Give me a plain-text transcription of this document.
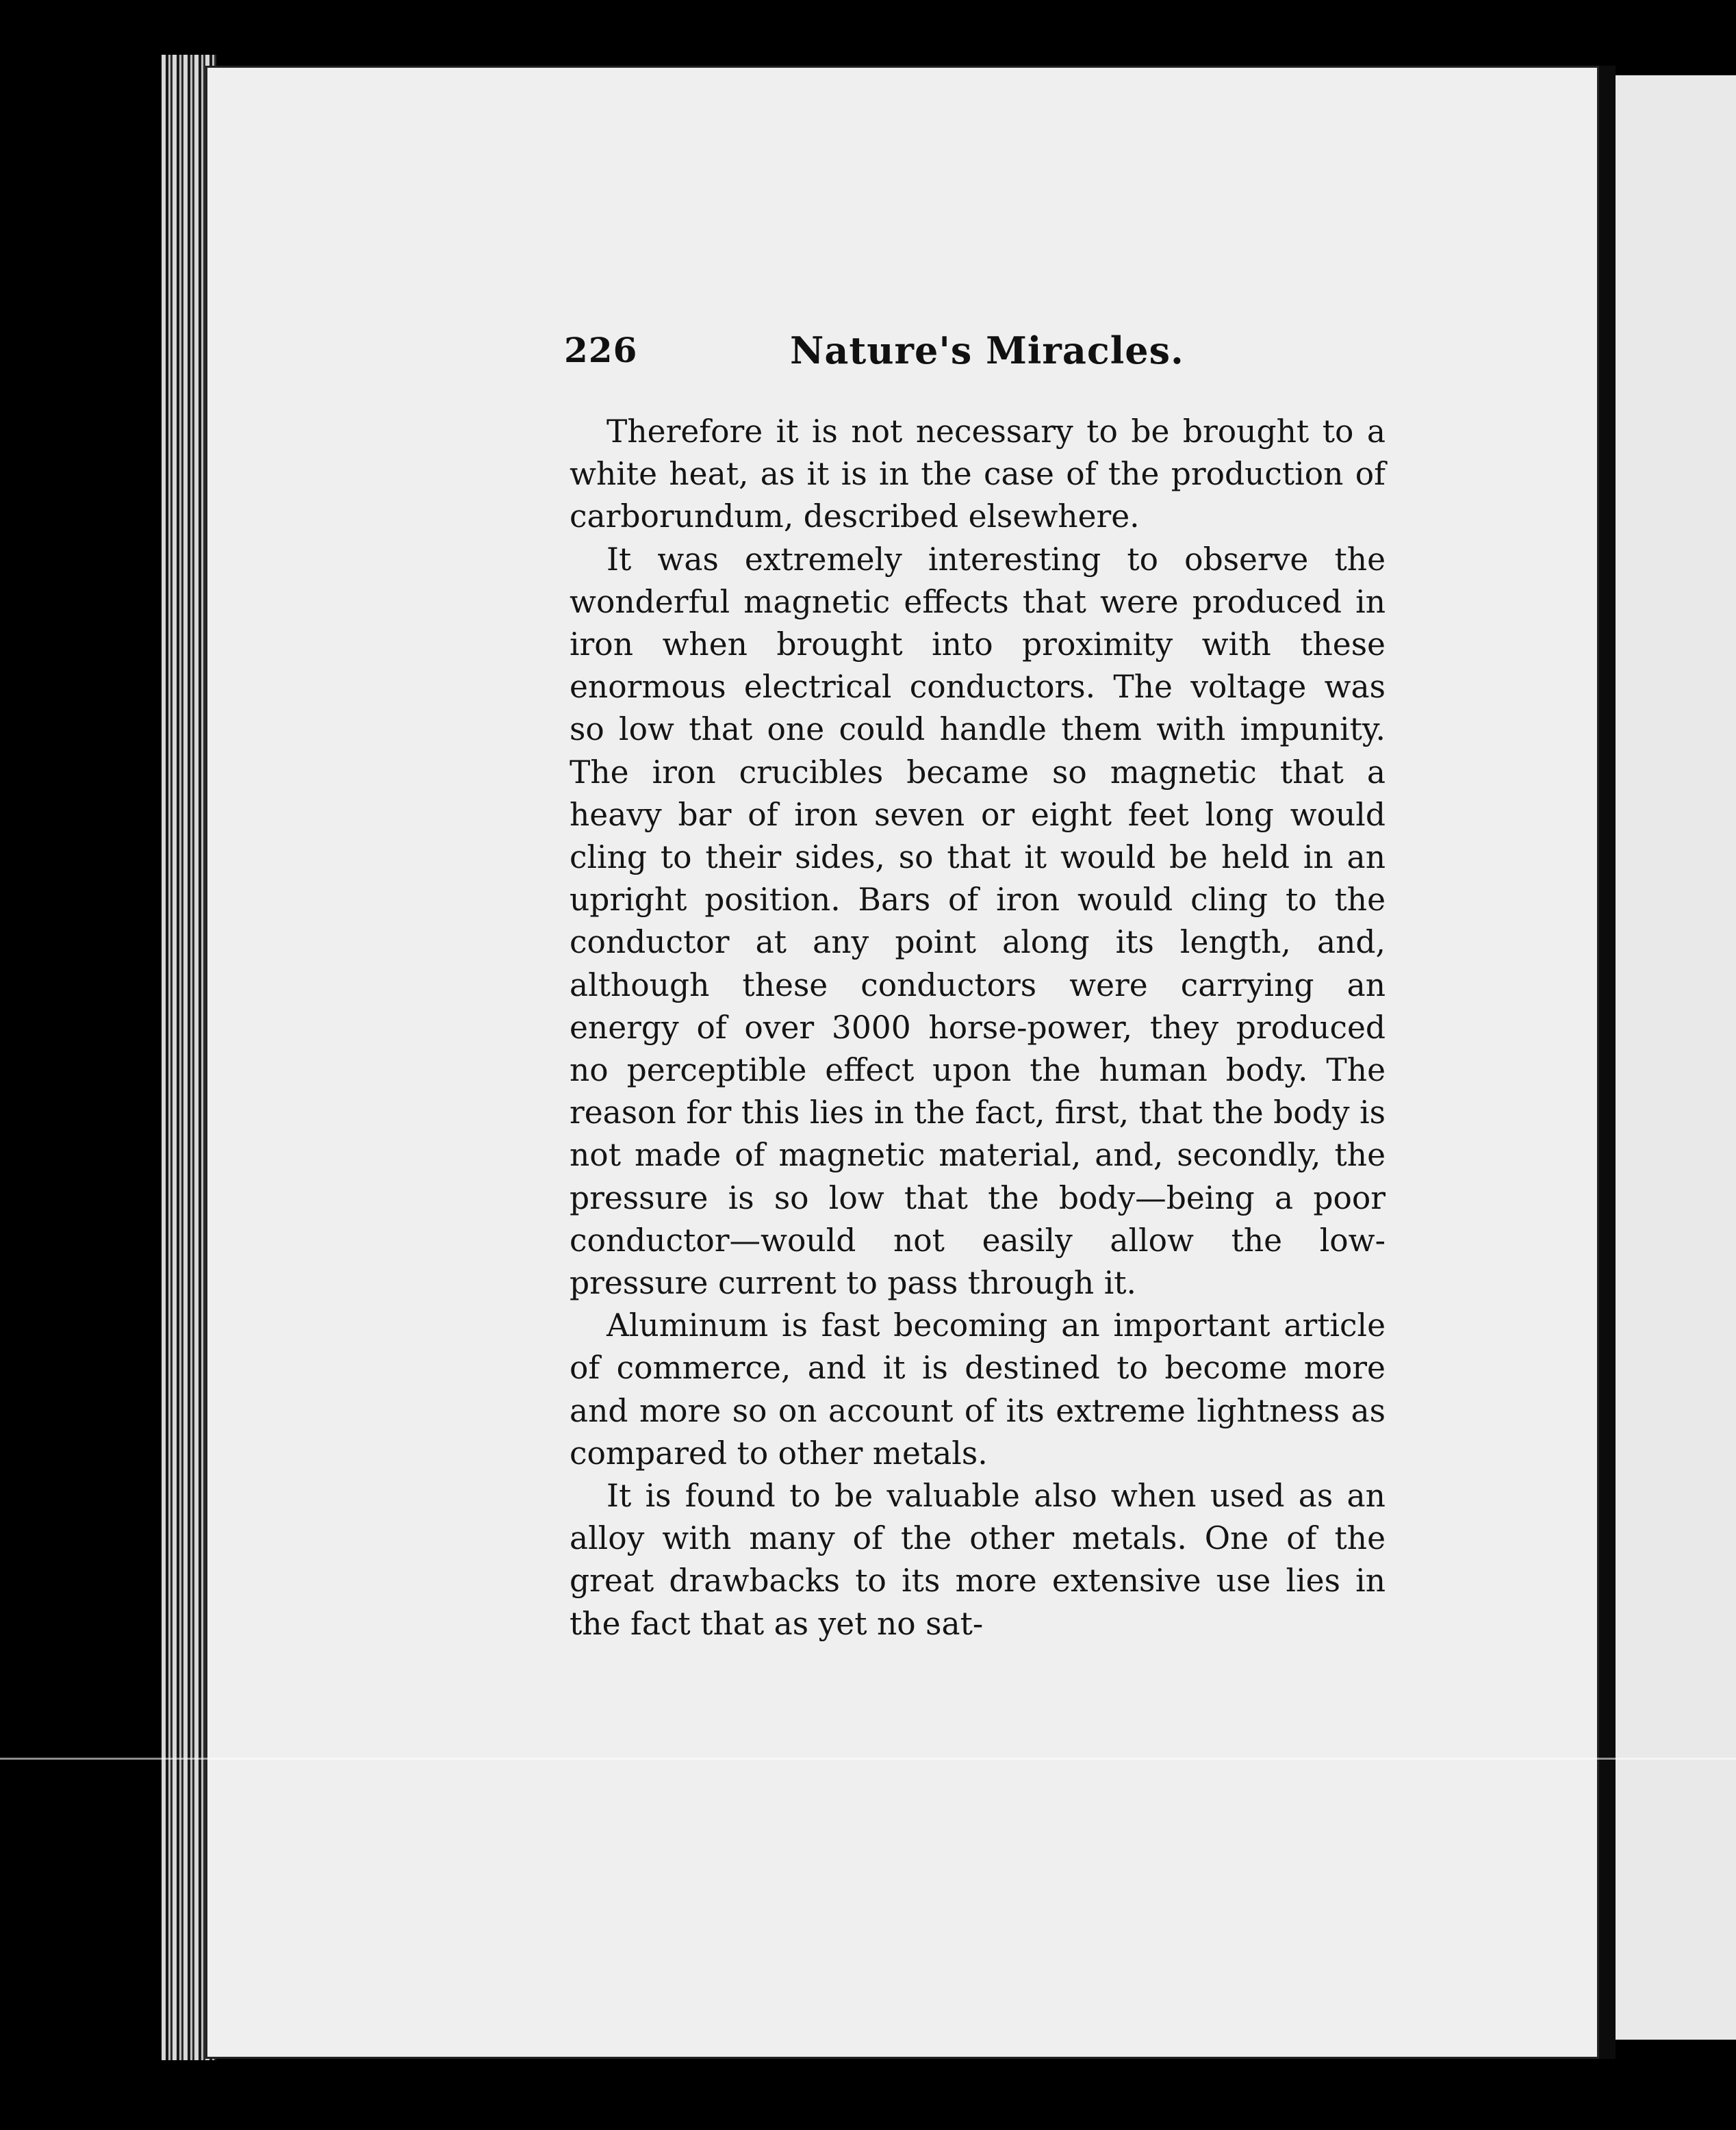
226	Nature's Miracles.

Therefore it is not necessary to be brought to a white heat, as it is in the case of the production of carborundum, described elsewhere.

It was extremely interesting to observe the wonderful magnetic effects that were produced in iron when brought into proximity with these enormous electrical conductors. The voltage was so low that one could handle them with impunity. The iron crucibles became so magnetic that a heavy bar of iron seven or eight feet long would cling to their sides, so that it would be held in an upright position. Bars of iron would cling to the conductor at any point along its length, and, although these conductors were carrying an energy of over 3000 horse-power, they produced no perceptible effect upon the human body. The reason for this lies in the fact, first, that the body is not made of magnetic material, and, secondly, the pressure is so low that the body—being a poor conductor—would not easily allow the low-pressure current to pass through it.

Aluminum is fast becoming an important article of commerce, and it is destined to become more and more so on account of its extreme lightness as compared to other metals.

It is found to be valuable also when used as an alloy with many of the other metals. One of the great drawbacks to its more extensive use lies in the fact that as yet no sat-
